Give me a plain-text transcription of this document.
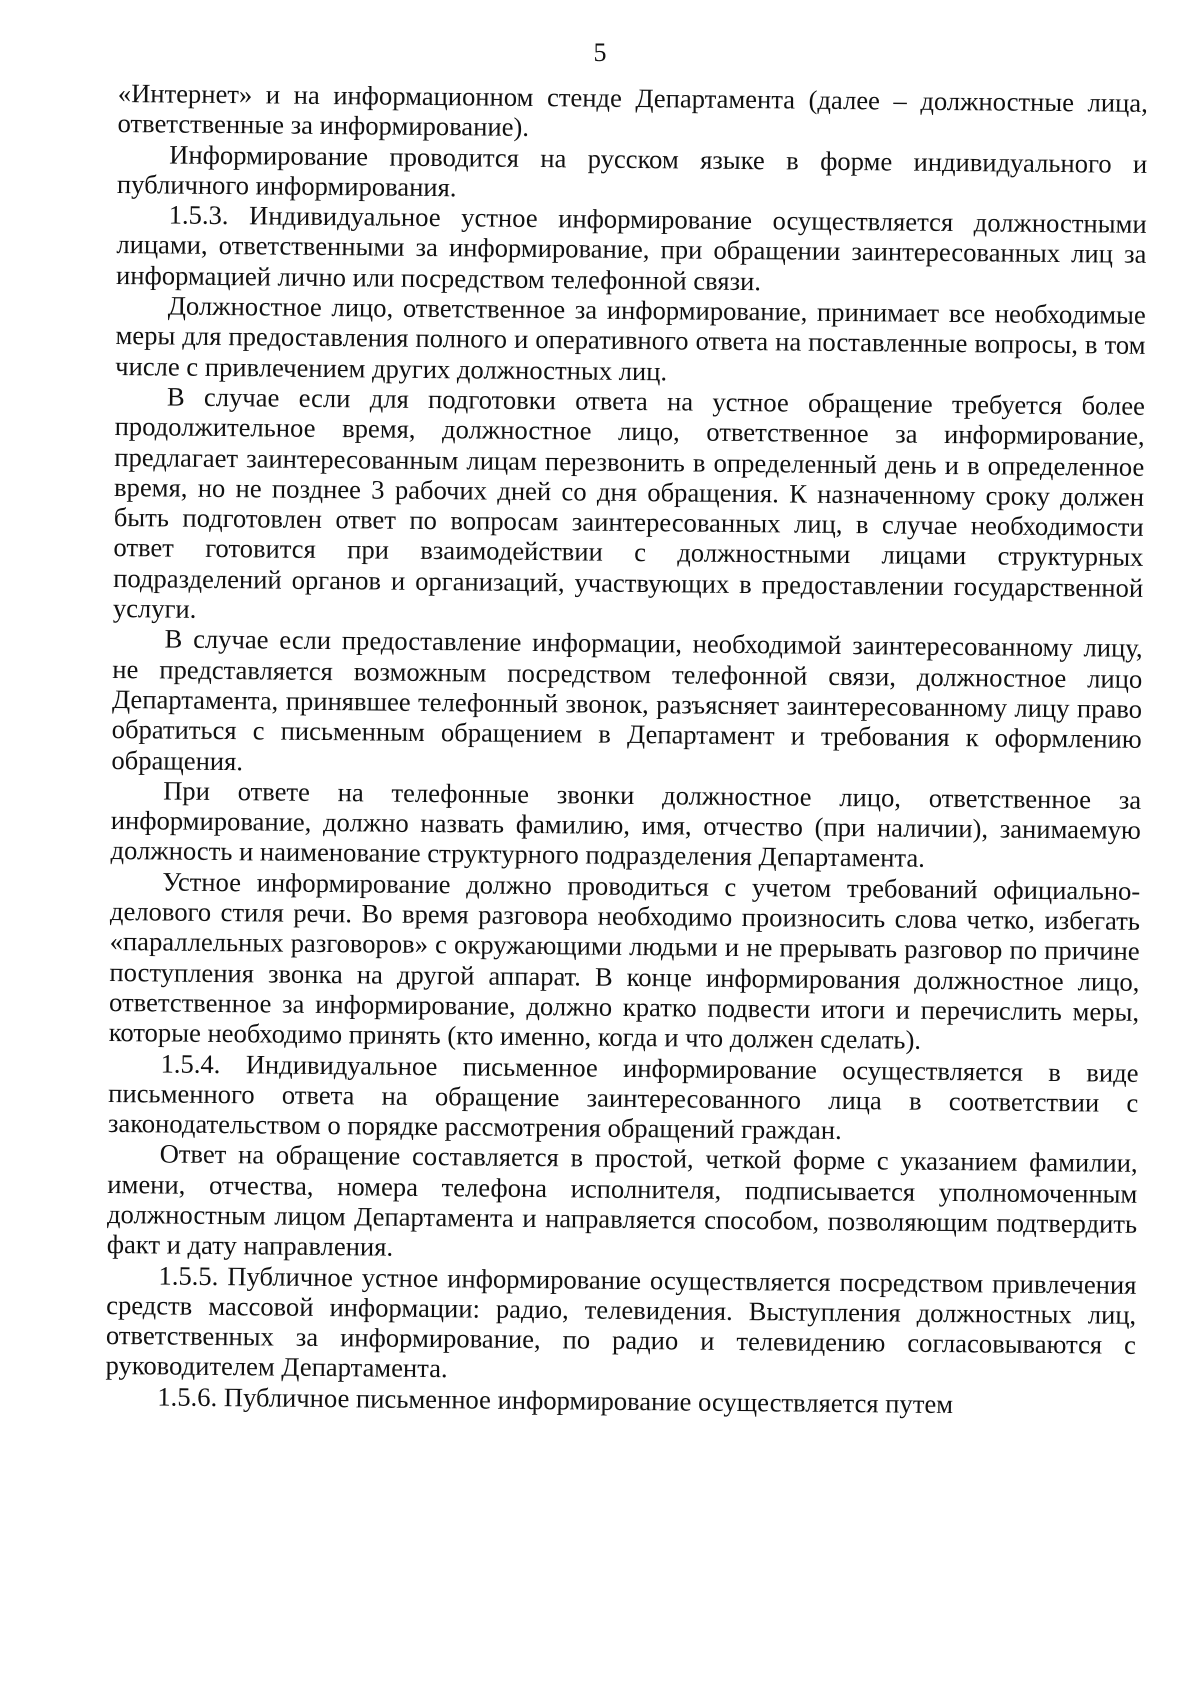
5

«Интернет» и на информационном стенде Департамента (далее – должностные лица, ответственные за информирование).

Информирование проводится на русском языке в форме индивидуального и публичного информирования.

1.5.3. Индивидуальное устное информирование осуществляется должностными лицами, ответственными за информирование, при обращении заинтересованных лиц за информацией лично или посредством телефонной связи.

Должностное лицо, ответственное за информирование, принимает все необходимые меры для предоставления полного и оперативного ответа на поставленные вопросы, в том числе с привлечением других должностных лиц.

В случае если для подготовки ответа на устное обращение требуется более продолжительное время, должностное лицо, ответственное за информирование, предлагает заинтересованным лицам перезвонить в определенный день и в определенное время, но не позднее 3 рабочих дней со дня обращения. К назначенному сроку должен быть подготовлен ответ по вопросам заинтересованных лиц, в случае необходимости ответ готовится при взаимодействии с должностными лицами структурных подразделений органов и организаций, участвующих в предоставлении государственной услуги.

В случае если предоставление информации, необходимой заинтересованному лицу, не представляется возможным посредством телефонной связи, должностное лицо Департамента, принявшее телефонный звонок, разъясняет заинтересованному лицу право обратиться с письменным обращением в Департамент и требования к оформлению обращения.

При ответе на телефонные звонки должностное лицо, ответственное за информирование, должно назвать фамилию, имя, отчество (при наличии), занимаемую должность и наименование структурного подразделения Департамента.

Устное информирование должно проводиться с учетом требований официально-делового стиля речи. Во время разговора необходимо произносить слова четко, избегать «параллельных разговоров» с окружающими людьми и не прерывать разговор по причине поступления звонка на другой аппарат. В конце информирования должностное лицо, ответственное за информирование, должно кратко подвести итоги и перечислить меры, которые необходимо принять (кто именно, когда и что должен сделать).

1.5.4. Индивидуальное письменное информирование осуществляется в виде письменного ответа на обращение заинтересованного лица в соответствии с законодательством о порядке рассмотрения обращений граждан.

Ответ на обращение составляется в простой, четкой форме с указанием фамилии, имени, отчества, номера телефона исполнителя, подписывается уполномоченным должностным лицом Департамента и направляется способом, позволяющим подтвердить факт и дату направления.

1.5.5. Публичное устное информирование осуществляется посредством привлечения средств массовой информации: радио, телевидения. Выступления должностных лиц, ответственных за информирование, по радио и телевидению согласовываются с руководителем Департамента.

1.5.6. Публичное письменное информирование осуществляется путем
